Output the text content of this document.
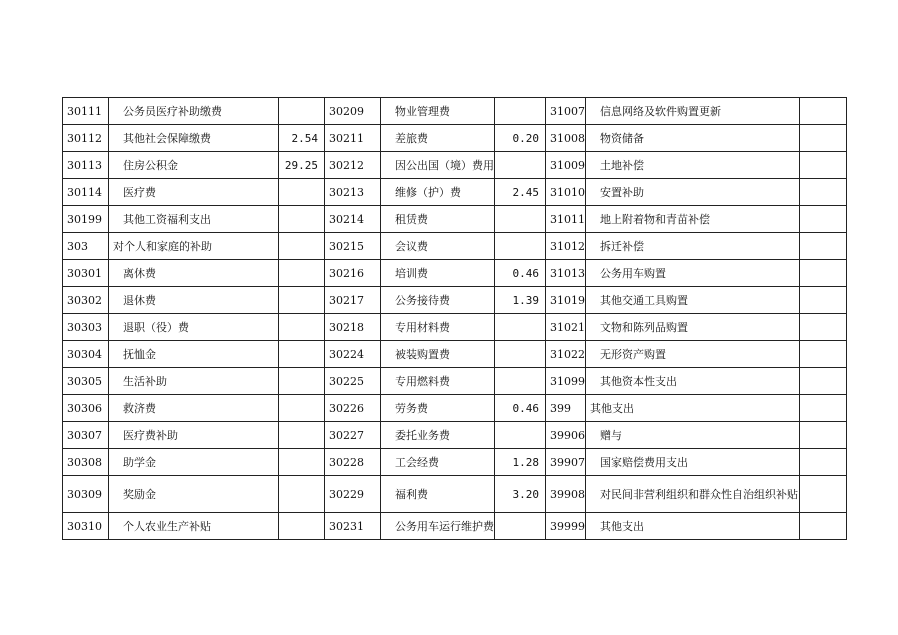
30111	公务员医疗补助缴费		30209	物业管理费		31007	信息网络及软件购置更新	
30112	其他社会保障缴费	2.54	30211	差旅费	0.20	31008	物资储备	
30113	住房公积金	29.25	30212	因公出国（境）费用		31009	土地补偿	
30114	医疗费		30213	维修（护）费	2.45	31010	安置补助	
30199	其他工资福利支出		30214	租赁费		31011	地上附着物和青苗补偿	
303	对个人和家庭的补助		30215	会议费		31012	拆迁补偿	
30301	离休费		30216	培训费	0.46	31013	公务用车购置	
30302	退休费		30217	公务接待费	1.39	31019	其他交通工具购置	
30303	退职（役）费		30218	专用材料费		31021	文物和陈列品购置	
30304	抚恤金		30224	被装购置费		31022	无形资产购置	
30305	生活补助		30225	专用燃料费		31099	其他资本性支出	
30306	救济费		30226	劳务费	0.46	399	其他支出	
30307	医疗费补助		30227	委托业务费		39906	赠与	
30308	助学金		30228	工会经费	1.28	39907	国家赔偿费用支出	
30309	奖励金		30229	福利费	3.20	39908	对民间非营利组织和群众性自治组织补贴	
30310	个人农业生产补贴		30231	公务用车运行维护费		39999	其他支出	
